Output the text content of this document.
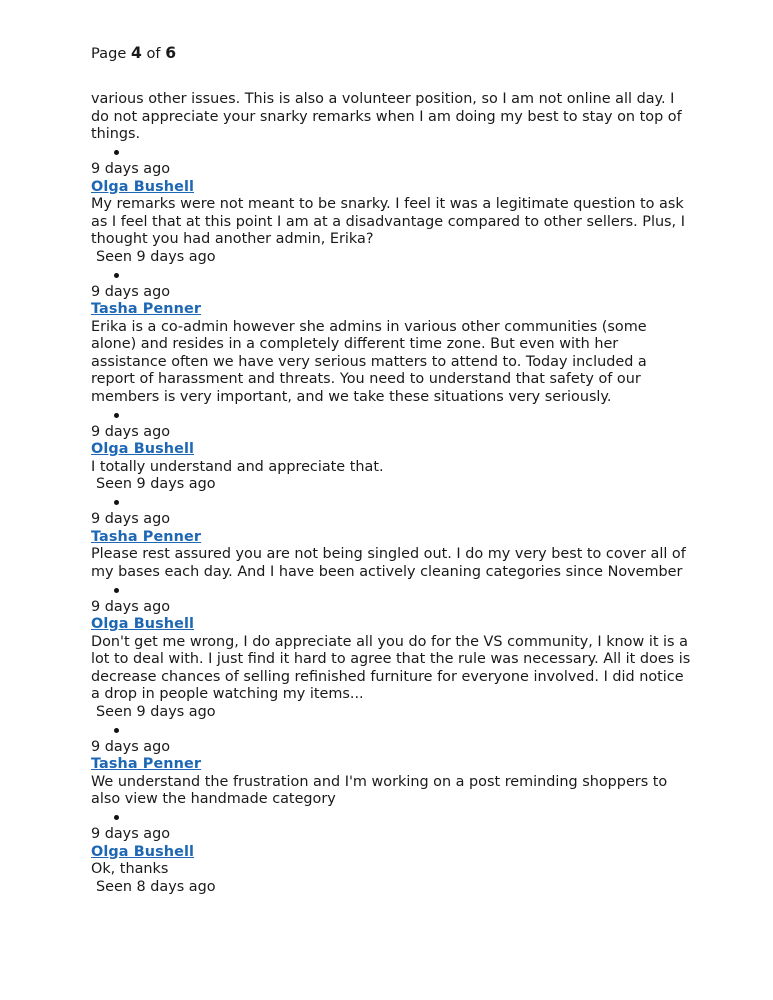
Page 4 of 6

various other issues. This is also a volunteer position, so I am not online all day. I do not appreciate your snarky remarks when I am doing my best to stay on top of things.

9 days ago

Olga Bushell

My remarks were not meant to be snarky. I feel it was a legitimate question to ask as I feel that at this point I am at a disadvantage compared to other sellers. Plus, I thought you had another admin, Erika?

Seen 9 days ago

9 days ago

Tasha Penner

Erika is a co-admin however she admins in various other communities (some alone) and resides in a completely different time zone. But even with her assistance often we have very serious matters to attend to. Today included a report of harassment and threats. You need to understand that safety of our members is very important, and we take these situations very seriously.

9 days ago

Olga Bushell

I totally understand and appreciate that.

Seen 9 days ago

9 days ago

Tasha Penner

Please rest assured you are not being singled out. I do my very best to cover all of my bases each day. And I have been actively cleaning categories since November

9 days ago

Olga Bushell

Don't get me wrong, I do appreciate all you do for the VS community, I know it is a lot to deal with. I just find it hard to agree that the rule was necessary. All it does is decrease chances of selling refinished furniture for everyone involved. I did notice a drop in people watching my items...

Seen 9 days ago

9 days ago

Tasha Penner

We understand the frustration and I'm working on a post reminding shoppers to also view the handmade category

9 days ago

Olga Bushell

Ok, thanks

Seen 8 days ago
